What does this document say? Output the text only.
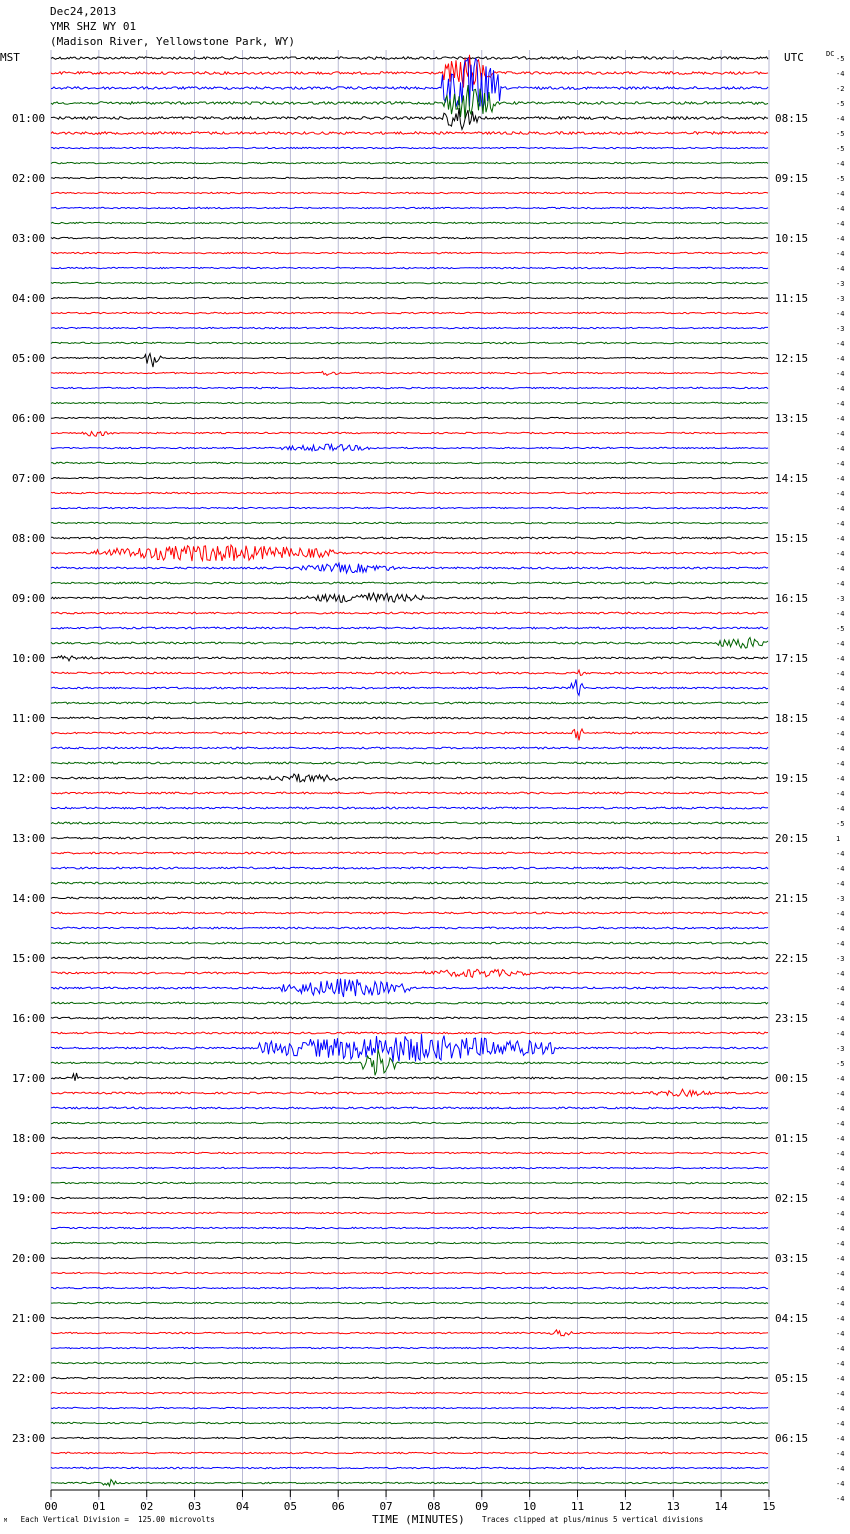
Dec24,2013
YMR SHZ WY 01
(Madison River, Yellowstone Park, WY)
01:00
02:00
03:00
04:00
05:00
06:00
07:00
08:00
09:00
10:00
11:00
12:00
13:00
14:00
15:00
16:00
17:00
18:00
19:00
20:00
21:00
22:00
23:00
08:15
09:15
10:15
11:15
12:15
13:15
14:15
15:15
16:15
17:15
18:15
19:15
20:15
21:15
22:15
23:15
00:15
01:15
02:15
03:15
04:15
05:15
06:15
-5
-4
-2
-5
-4
-5
-5
-4
-5
-4
-4
-4
-4
-4
-4
-3
-3
-4
-3
-4
-4
-4
-4
-4
-4
-4
-4
-4
-4
-4
-4
-4
-4
-4
-4
-4
-3
-4
-5
-4
-4
-4
-4
-4
-4
-4
-4
-4
-4
-4
-4
-5
1
-4
-4
-4
-3
-4
-4
-4
-3
-4
-4
-4
-4
-4
-3
-5
-4
-4
-4
-4
-4
-4
-4
-4
-4
-4
-4
-4
-4
-4
-4
-4
-4
-4
-4
-4
-4
-4
-4
-4
-4
-4
-4
-4
-4
00	01	02	03	04	05	06	07	08	09	10	11	12	13	14	15
MST	UTC	DC
TIME (MINUTES)
M Each Vertical Division =  125.00 microvolts	Traces clipped at plus/minus 5 vertical divisions
